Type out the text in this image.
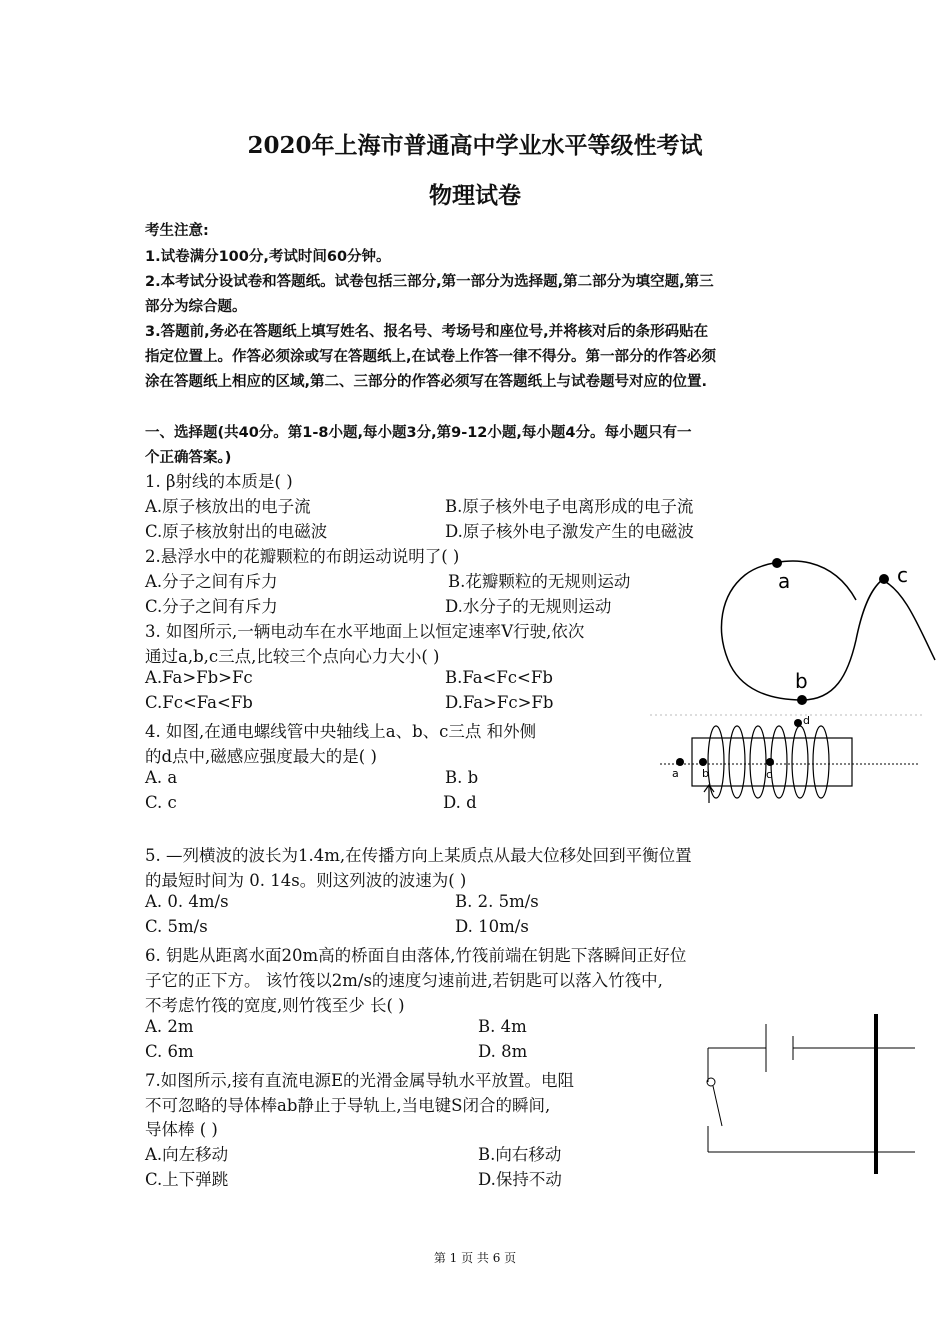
2020年上海市普通高中学业水平等级性考试
物理试卷
考生注意:
1.试卷满分100分,考试时间60分钟。
2.本考试分设试卷和答题纸。试卷包括三部分,第一部分为选择题,第二部分为填空题,第三
部分为综合题。
3.答题前,务必在答题纸上填写姓名、报名号、考场号和座位号,并将核对后的条形码贴在
指定位置上。作答必须涂或写在答题纸上,在试卷上作答一律不得分。第一部分的作答必须
涂在答题纸上相应的区域,第二、三部分的作答必须写在答题纸上与试卷题号对应的位置.
一、选择题(共40分。第1-8小题,每小题3分,第9-12小题,每小题4分。每小题只有一
个正确答案。)
1. β射线的本质是( )
A.原子核放出的电子流	B.原子核外电子电离形成的电子流
C.原子核放射出的电磁波	D.原子核外电子激发产生的电磁波
2.悬浮水中的花瓣颗粒的布朗运动说明了( )
A.分子之间有斥力	B.花瓣颗粒的无规则运动
C.分子之间有斥力	D.水分子的无规则运动
3. 如图所示,一辆电动车在水平地面上以恒定速率V行驶,依次
通过a,b,c三点,比较三个点向心力大小( )
A.Fa>Fb>Fc	B.Fa<Fc<Fb
C.Fc<Fa<Fb	D.Fa>Fc>Fb
4. 如图,在通电螺线管中央轴线上a、b、c三点 和外侧
的d点中,磁感应强度最大的是( )
A. a	B. b
C. c	D. d
5. —列横波的波长为1.4m,在传播方向上某质点从最大位移处回到平衡位置
的最短时间为 0. 14s。则这列波的波速为( )
A. 0. 4m/s	B. 2. 5m/s
C. 5m/s	D. 10m/s
6. 钥匙从距离水面20m高的桥面自由落体,竹筏前端在钥匙下落瞬间正好位
子它的正下方。 该竹筏以2m/s的速度匀速前进,若钥匙可以落入竹筏中,
不考虑竹筏的宽度,则竹筏至少 长( )
A. 2m	B. 4m
C. 6m	D. 8m
7.如图所示,接有直流电源E的光滑金属导轨水平放置。电阻
不可忽略的导体棒ab静止于导轨上,当电键S闭合的瞬间,
导体棒 ( )
A.向左移动	B.向右移动
C.上下弹跳	D.保持不动
a
b
c
a b	c
d
第 1 页 共 6 页
